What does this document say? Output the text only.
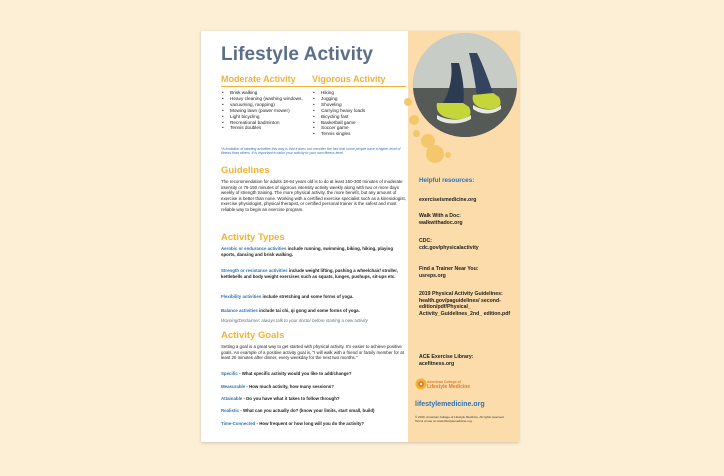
Lifestyle Activity
Moderate Activity Vigorous Activity
• Brisk walking
• Heavy cleaning (washing windows,
• vacuuming, mopping)
• Mowing lawn (power mower)
• Light bicycling
• Recreational badminton
• Tennis doubles
• Hiking
• Jogging
• Shoveling
• Carrying heavy loads
• Bicycling fast
• Basketball game
• Soccer game
• Tennis singles
*A limitation of labeling activities this way is that it does not consider the fact that some people have a higher level of fitness than others. It is important to tailor your activity to your own fitness level.
Guidelines
The recommendation for adults 18-64 years old is to do at least 150-300 minutes of moderate intensity or 75-150 minutes of vigorous intensity activity weekly along with two or more days weekly of strength training. The more physical activity, the more benefit, but any amount of exercise is better than none. Working with a certified exercise specialist such as a kinesiologist, exercise physiologist, physical therapist, or certified personal trainer is the safest and most reliable way to begin an exercise program.
Activity Types
Aerobic or endurance activities include running, swimming, biking, hiking, playing sports, dancing and brisk walking.
Strength or resistance activities include weight lifting, pushing a wheelchair/ stroller, kettlebells and body weight exercises such as squats, lunges, pushups, sit-ups etc.
Flexibility activities include stretching and some forms of yoga.
Balance activities include tai chi, qi gong and some forms of yoga.
Warning/Disclaimer: always talk to your doctor before starting a new activity
Activity Goals
Setting a goal is a great way to get started with physical activity. It's easier to achieve positive goals. An example of a positive activity goal is, "I will walk with a friend or family member for at least 20 minutes after dinner, every weekday for the next two months."
Specific - What specific activity would you like to add/change?
Measurable - How much activity, how many sessions?
Attainable - Do you have what it takes to follow through?
Realistic - What can you actually do? (know your limits, start small, build)
Time-Connected - How frequent or how long will you do the activity?
Helpful resources:
exerciseismedicine.org
Walk With a Doc:
walkwithadoc.org
CDC:
cdc.gov/physicalactivity
Find a Trainer Near You:
usreps.org
2019 Physical Activity Guidelines:
health.gov/paguidelines/ second-edition/pdf/Physical_ Activity_Guidelines_2nd_ edition.pdf
ACE Exercise Library:
acefitness.org
American College of
Lifestyle Medicine
lifestylemedicine.org
© 2019. American College of Lifestyle Medicine. All rights reserved. Terms of use on www.lifestylemedicine.org.
